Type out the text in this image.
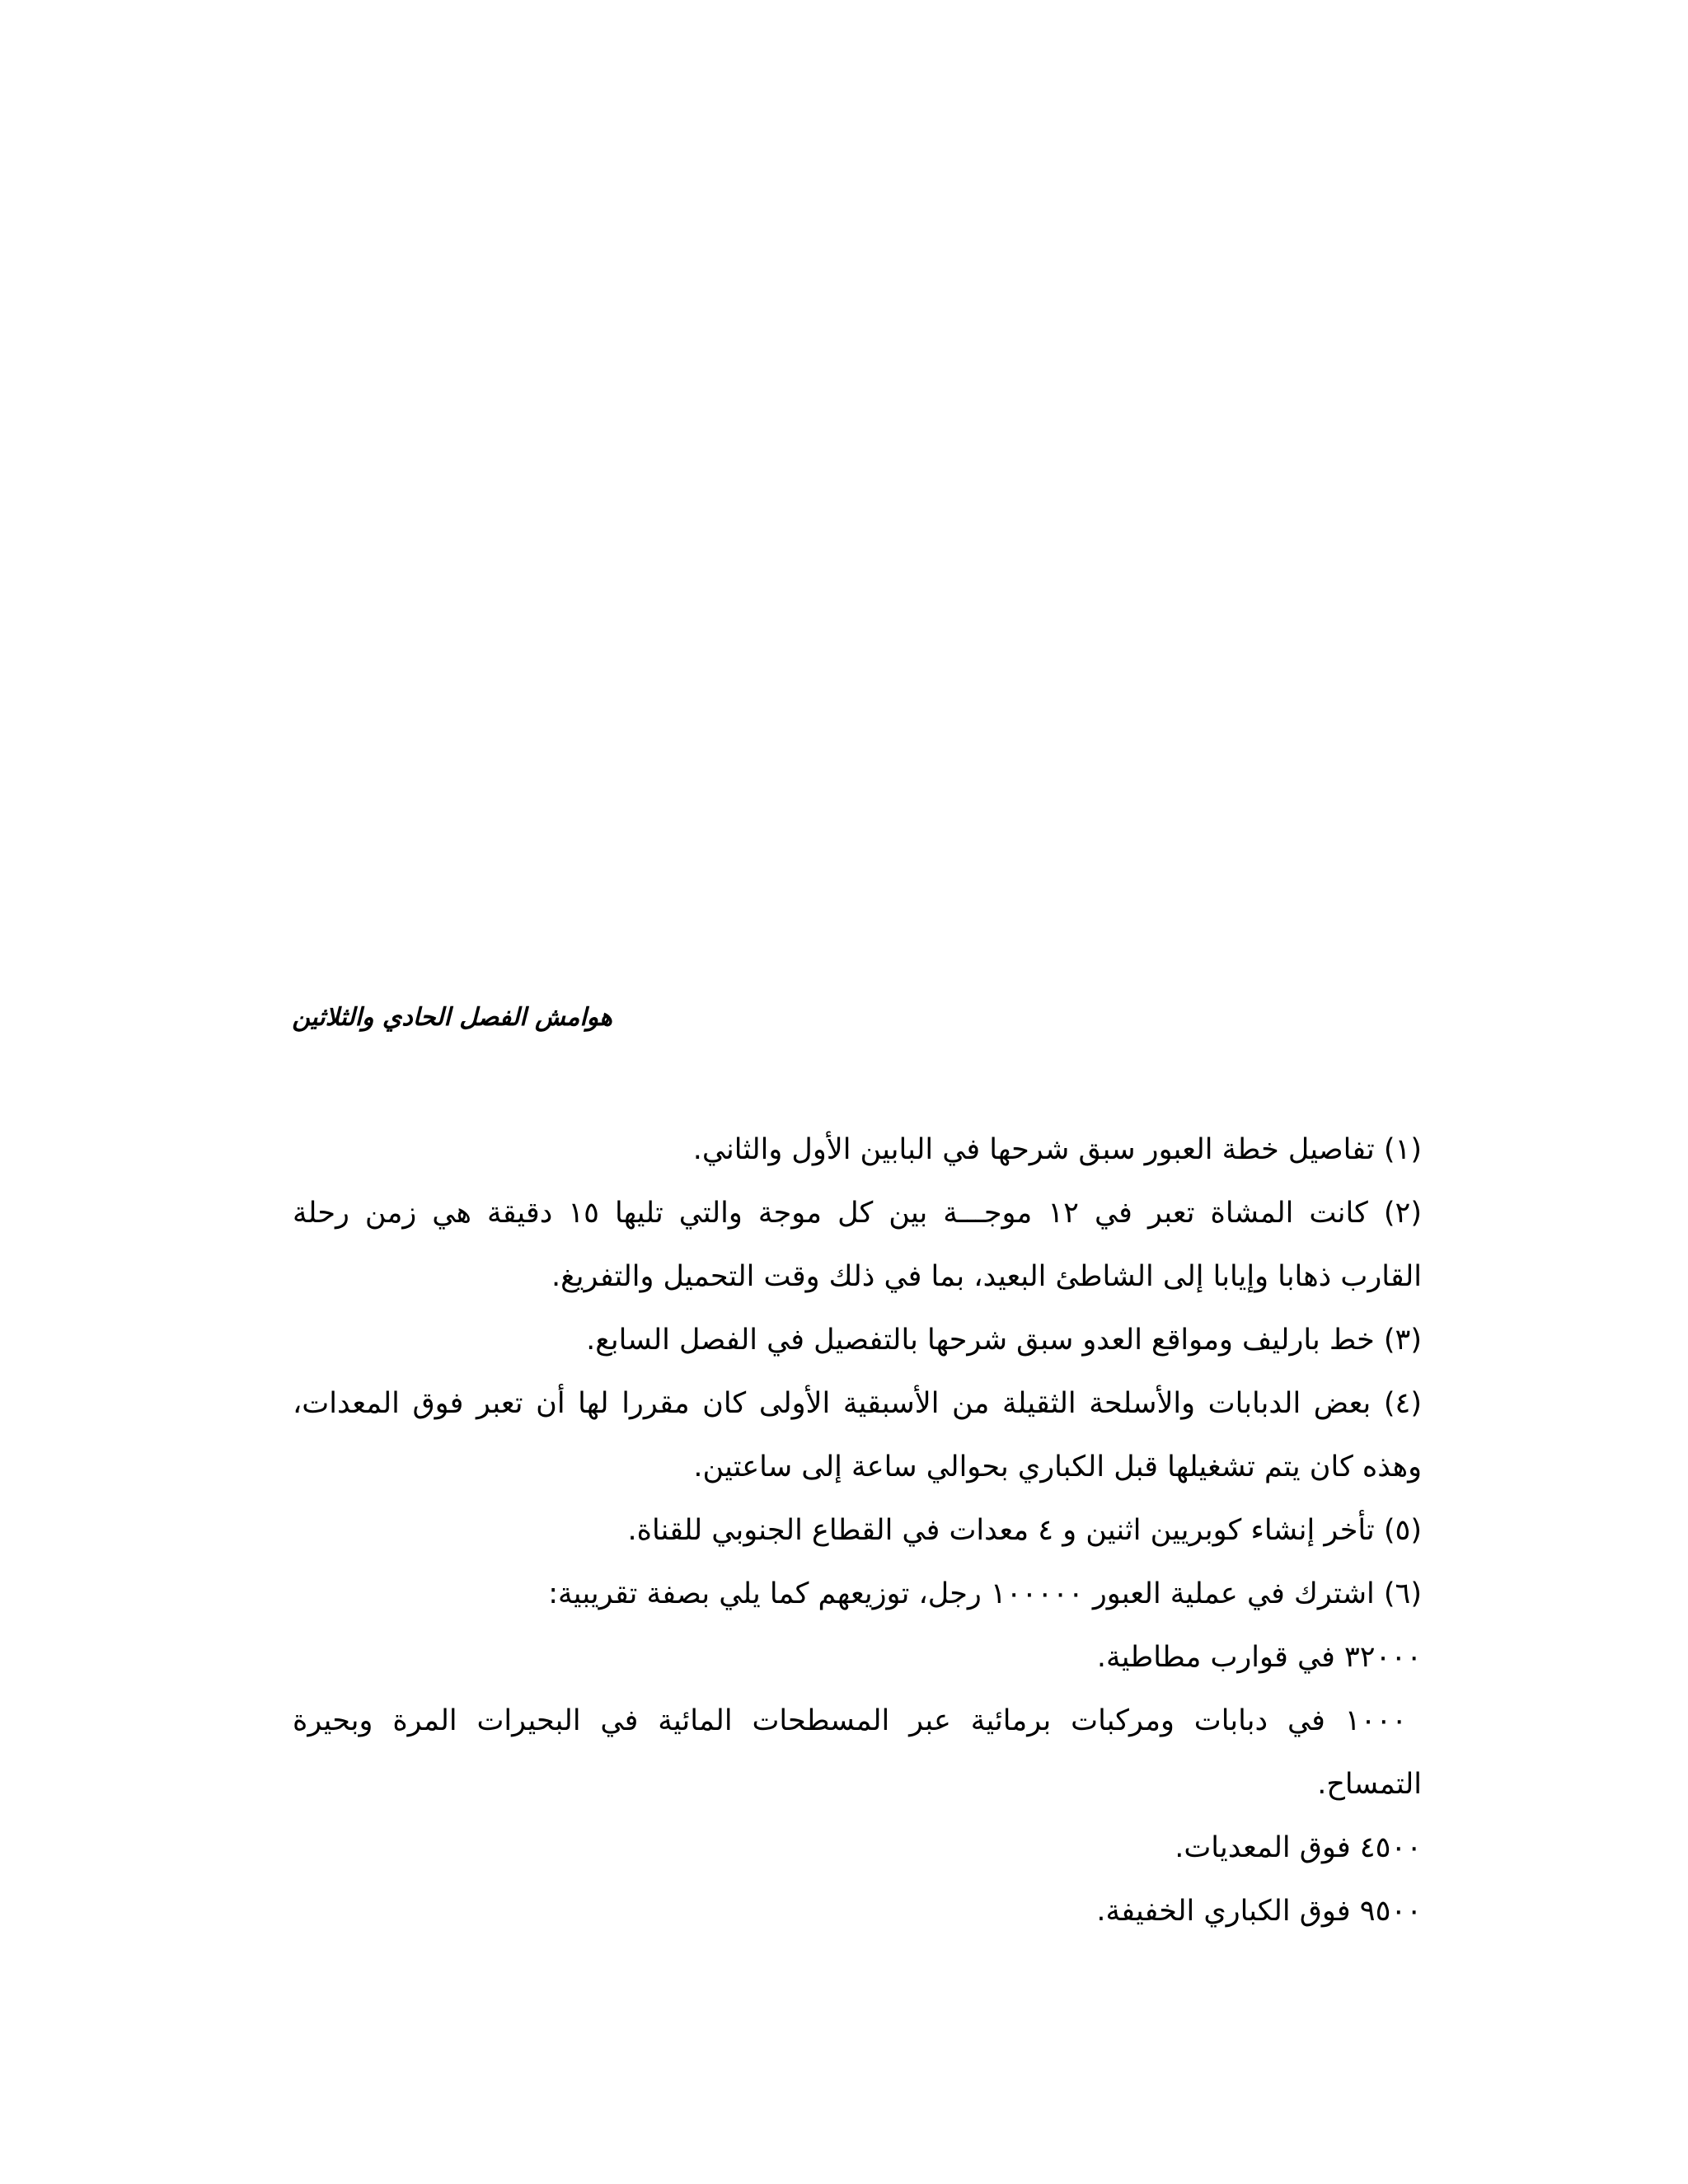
هوامش الفصل الحادي والثلاثين
(١) تفاصيل خطة العبور سبق شرحها في البابين الأول والثاني.
(٢) كانت المشاة تعبر في ١٢ موجـــة بين كل موجة والتي تليها ١٥ دقيقة هي زمن رحلة
القارب ذهابا وإيابا إلى الشاطئ البعيد، بما في ذلك وقت التحميل والتفريغ.
(٣) خط بارليف ومواقع العدو سبق شرحها بالتفصيل في الفصل السابع.
(٤) بعض الدبابات والأسلحة الثقيلة من الأسبقية الأولى كان مقررا لها أن تعبر فوق المعدات،
وهذه كان يتم تشغيلها قبل الكباري بحوالي ساعة إلى ساعتين.
(٥) تأخر إنشاء كوبريين اثنين و ٤ معدات في القطاع الجنوبي للقناة.
(٦) اشترك في عملية العبور ١٠٠٠٠٠ رجل، توزيعهم كما يلي بصفة تقريبية:
٣٢٠٠٠ في قوارب مطاطية.
١٠٠٠ في دبابات ومركبات برمائية عبر المسطحات المائية في البحيرات المرة وبحيرة
التمساح.
٤٥٠٠ فوق المعديات.
٩٥٠٠ فوق الكباري الخفيفة.
